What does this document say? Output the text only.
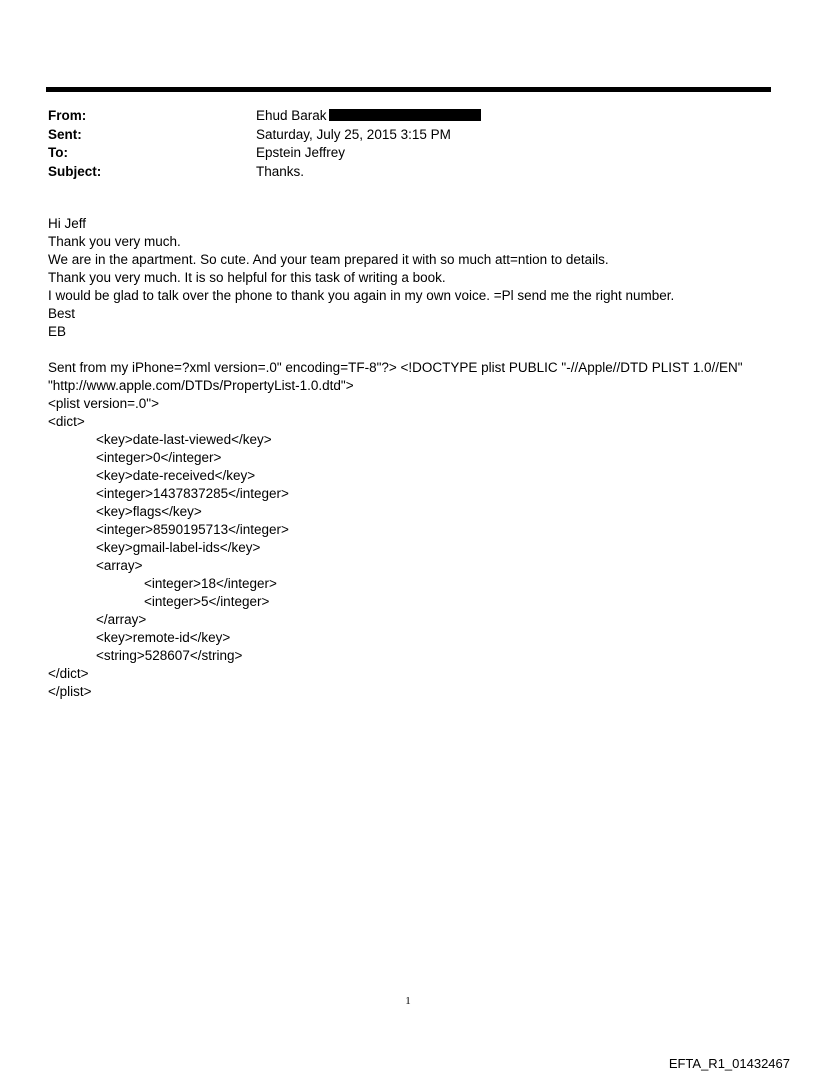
From:	Ehud Barak
Sent:	Saturday, July 25, 2015 3:15 PM
To:	Epstein Jeffrey
Subject:	Thanks.
Hi Jeff
Thank you very much.
We are in the apartment. So cute. And your team prepared it with so much att=ntion to details.
Thank you very much. It is so helpful for this task of writing a book.
I would be glad to talk over the phone to thank you again in my own voice. =Pl send me the right number.
Best
EB
Sent from my iPhone=?xml version=.0" encoding=TF-8"?> <!DOCTYPE plist PUBLIC "-//Apple//DTD PLIST 1.0//EN"
"http://www.apple.com/DTDs/PropertyList-1.0.dtd">
<plist version=.0">
<dict>
<key>date-last-viewed</key>
<integer>0</integer>
<key>date-received</key>
<integer>1437837285</integer>
<key>flags</key>
<integer>8590195713</integer>
<key>gmail-label-ids</key>
<array>
<integer>18</integer>
<integer>5</integer>
</array>
<key>remote-id</key>
<string>528607</string>
</dict>
</plist>
1
EFTA_R1_01432467
